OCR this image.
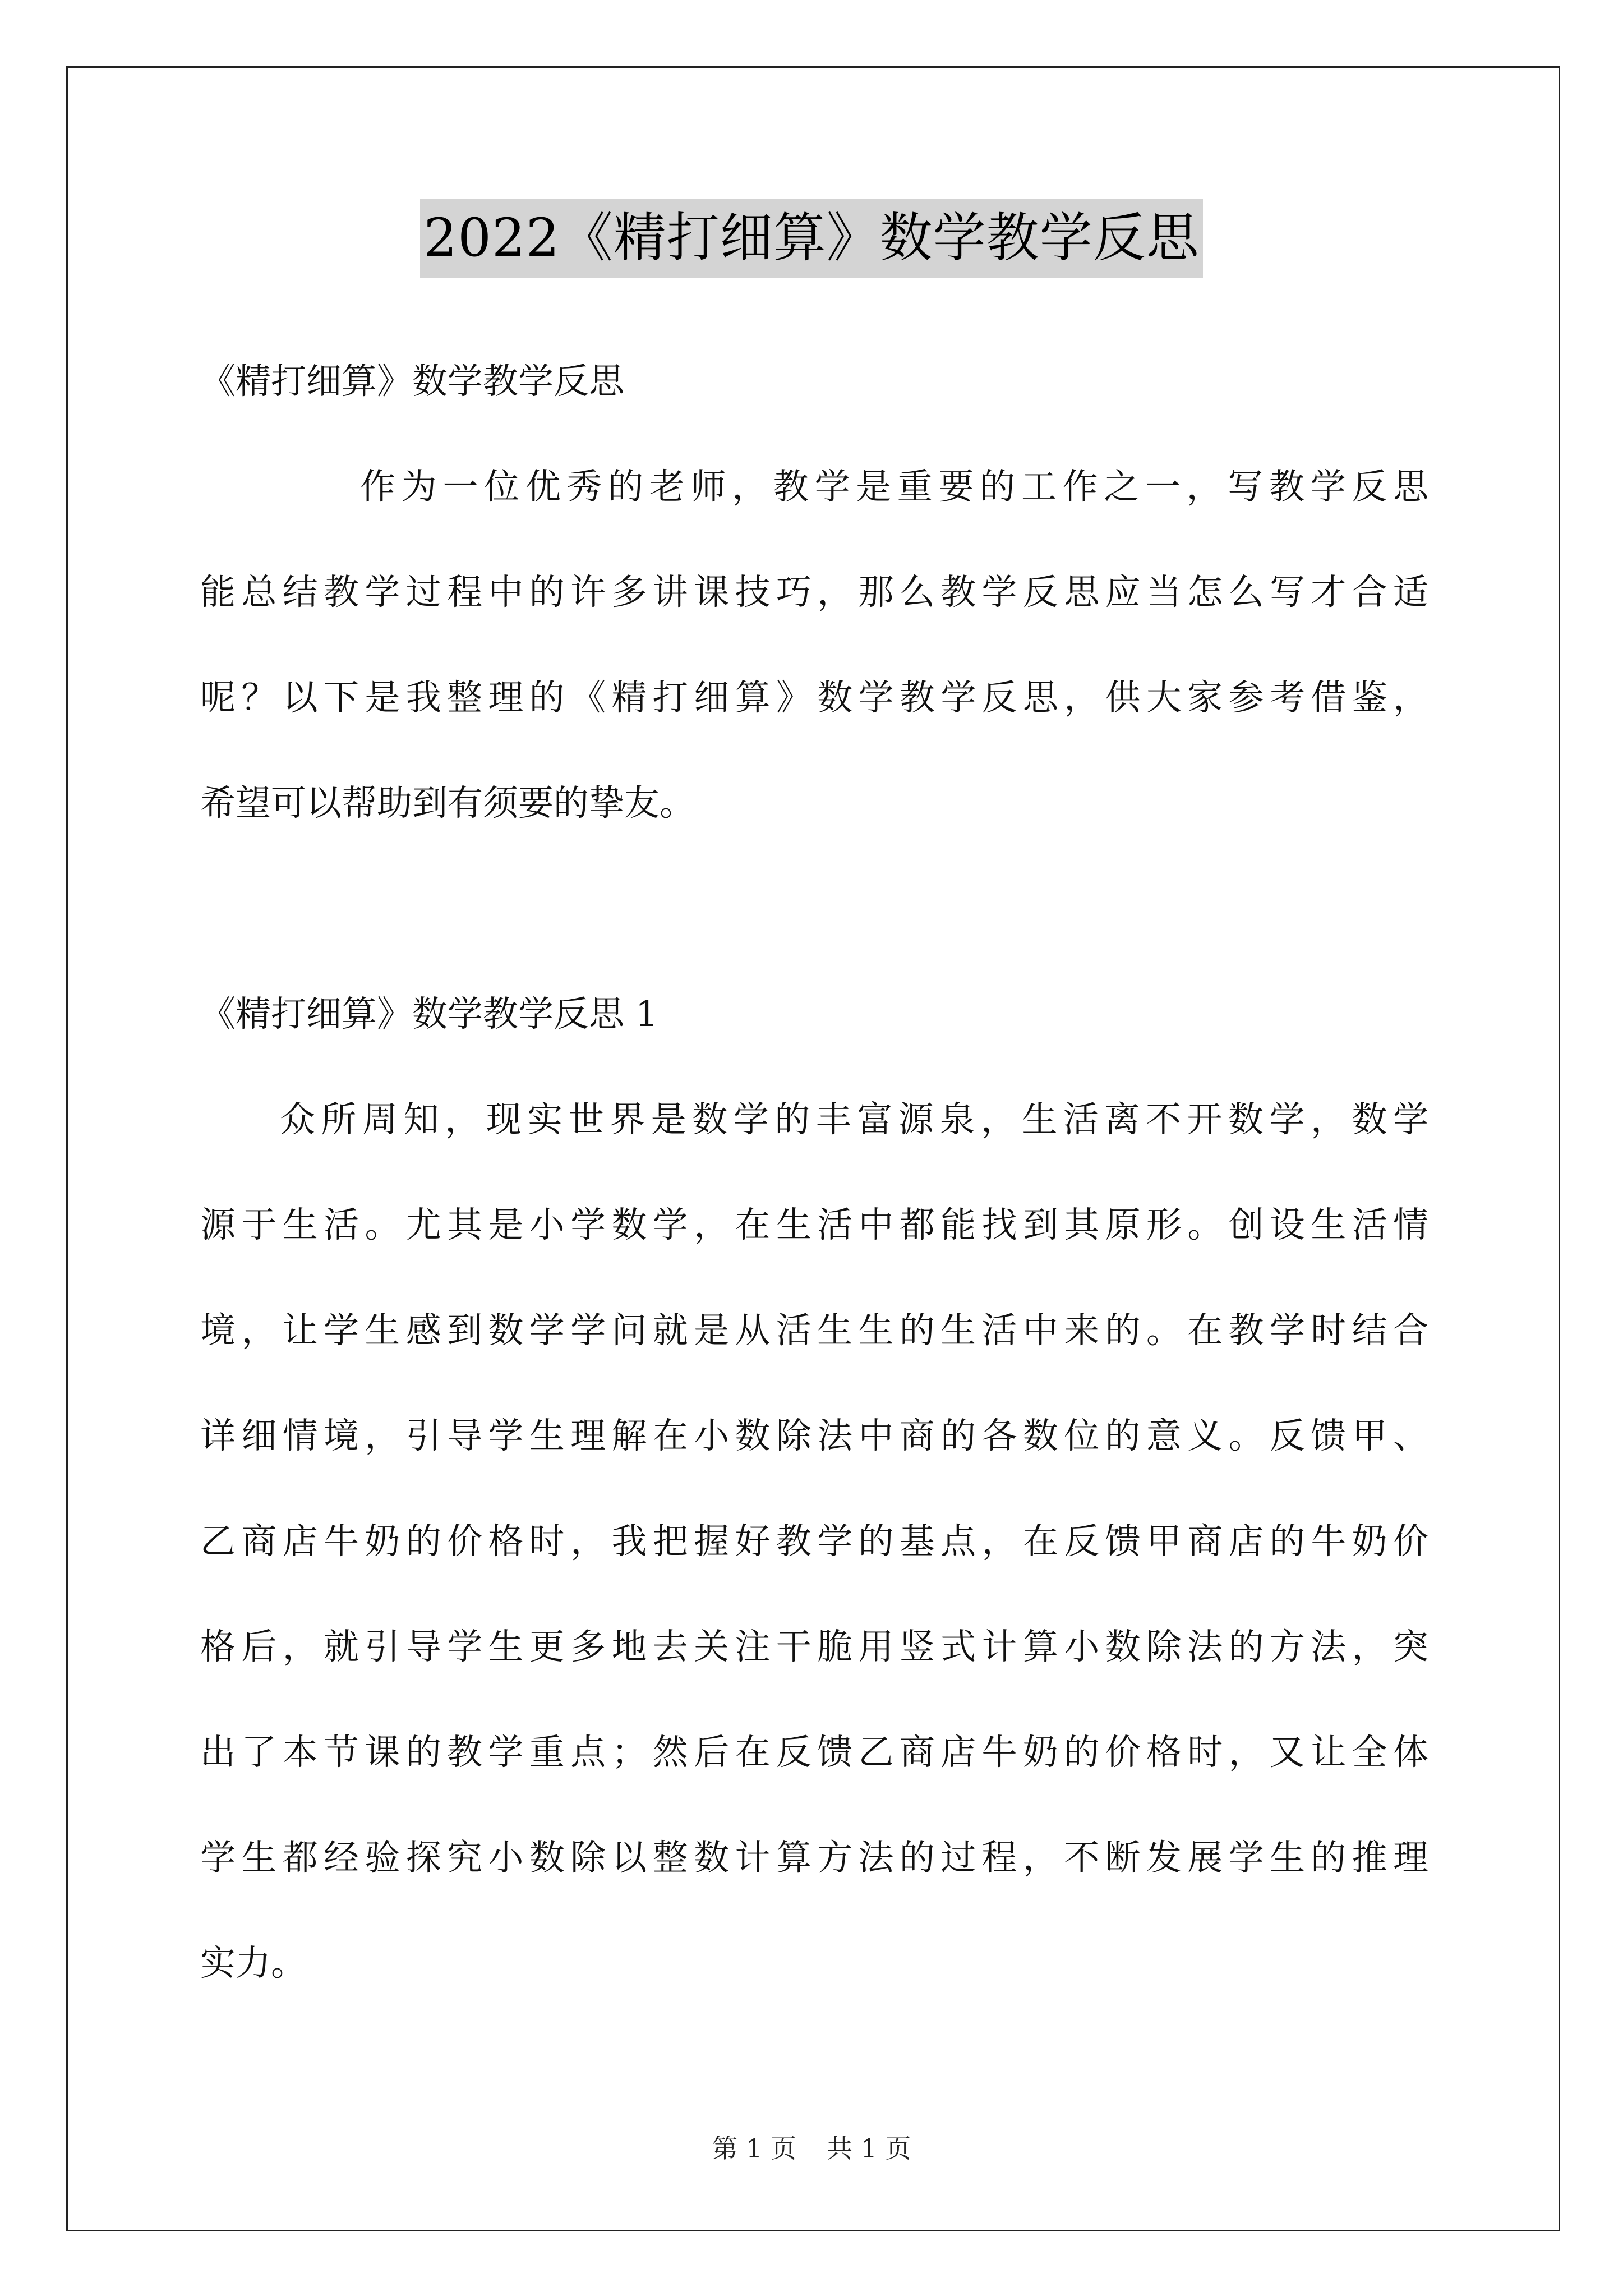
2022《精打细算》数学教学反思
《精打细算》数学教学反思
作为一位优秀的老师，教学是重要的工作之一，写教学反思
能总结教学过程中的许多讲课技巧，那么教学反思应当怎么写才合适
呢？以下是我整理的《精打细算》数学教学反思，供大家参考借鉴，
希望可以帮助到有须要的挚友。
《精打细算》数学教学反思 1
众所周知，现实世界是数学的丰富源泉，生活离不开数学，数学
源于生活。尤其是小学数学，在生活中都能找到其原形。创设生活情
境，让学生感到数学学问就是从活生生的生活中来的。在教学时结合
详细情境，引导学生理解在小数除法中商的各数位的意义。反馈甲、
乙商店牛奶的价格时，我把握好教学的基点，在反馈甲商店的牛奶价
格后，就引导学生更多地去关注干脆用竖式计算小数除法的方法，突
出了本节课的教学重点；然后在反馈乙商店牛奶的价格时，又让全体
学生都经验探究小数除以整数计算方法的过程，不断发展学生的推理
实力。
第 1 页 共 1 页
